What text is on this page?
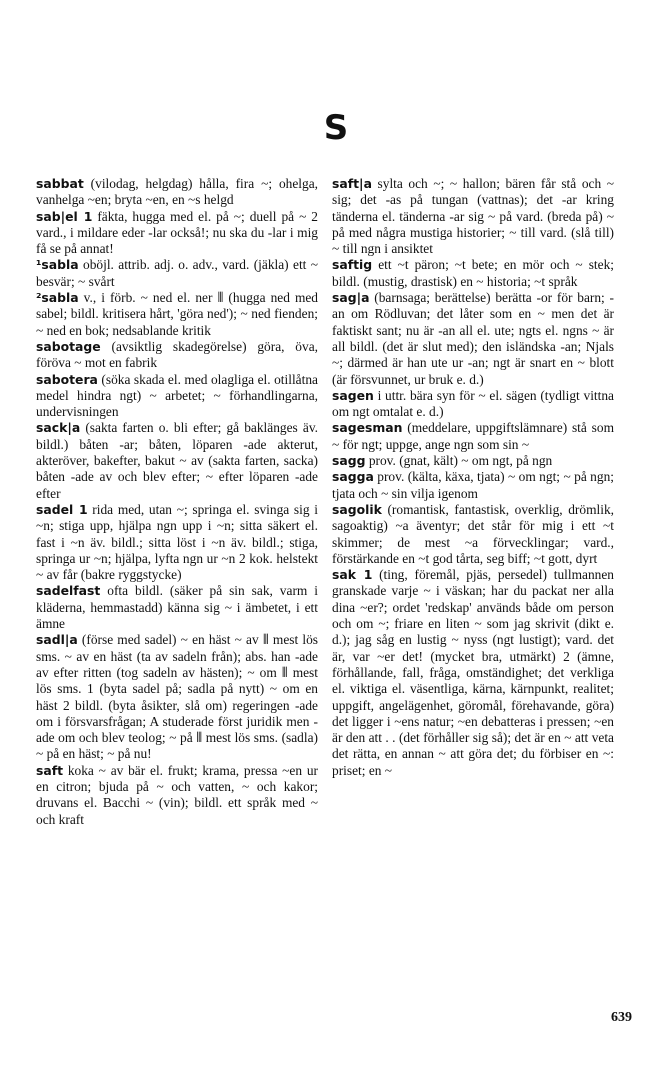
S

sabbat (vilodag, helgdag) hålla, fira ~; ohelga, vanhelga ~en; bryta ~en, en ~s helgd

sab|el 1 fäkta, hugga med el. på ~; duell på ~ 2 vard., i mildare eder -lar också!; nu ska du -lar i mig få se på annat!

¹sabla oböjl. attrib. adj. o. adv., vard. (jäkla) ett ~ besvär; ~ svårt

²sabla v., i förb. ~ ned el. ner ⦀ (hugga ned med sabel; bildl. kritisera hårt, 'göra ned'); ~ ned fienden; ~ ned en bok; nedsablande kritik

sabotage (avsiktlig skadegörelse) göra, öva, föröva ~ mot en fabrik

sabotera (söka skada el. med olagliga el. otillåtna medel hindra ngt) ~ arbetet; ~ förhandlingarna, undervisningen

sack|a (sakta farten o. bli efter; gå baklänges äv. bildl.) båten -ar; båten, löparen -ade akterut, akteröver, bakefter, bakut ~ av (sakta farten, sacka) båten -ade av och blev efter; ~ efter löparen -ade efter

sadel 1 rida med, utan ~; springa el. svinga sig i ~n; stiga upp, hjälpa ngn upp i ~n; sitta säkert el. fast i ~n äv. bildl.; sitta löst i ~n äv. bildl.; stiga, springa ur ~n; hjälpa, lyfta ngn ur ~n 2 kok. helstekt ~ av får (bakre ryggstycke)

sadelfast ofta bildl. (säker på sin sak, varm i kläderna, hemmastadd) känna sig ~ i ämbetet, i ett ämne

sadl|a (förse med sadel) ~ en häst ~ av ⦀ mest lös sms. ~ av en häst (ta av sadeln från); abs. han -ade av efter ritten (tog sadeln av hästen); ~ om ⦀ mest lös sms. 1 (byta sadel på; sadla på nytt) ~ om en häst 2 bildl. (byta åsikter, slå om) regeringen -ade om i försvarsfrågan; A studerade först juridik men -ade om och blev teolog; ~ på ⦀ mest lös sms. (sadla) ~ på en häst; ~ på nu!

saft koka ~ av bär el. frukt; krama, pressa ~en ur en citron; bjuda på ~ och vatten, ~ och kakor; druvans el. Bacchi ~ (vin); bildl. ett språk med ~ och kraft

saft|a sylta och ~; ~ hallon; bären får stå och ~ sig; det -as på tungan (vattnas); det -ar kring tänderna el. tänderna -ar sig ~ på vard. (breda på) ~ på med några mustiga historier; ~ till vard. (slå till) ~ till ngn i ansiktet

saftig ett ~t päron; ~t bete; en mör och ~ stek; bildl. (mustig, drastisk) en ~ historia; ~t språk

sag|a (barnsaga; berättelse) berätta -or för barn; -an om Rödluvan; det låter som en ~ men det är faktiskt sant; nu är -an all el. ute; ngts el. ngns ~ är all bildl. (det är slut med); den isländska -an; Njals ~; därmed är han ute ur -an; ngt är snart en ~ blott (är försvunnet, ur bruk e. d.)

sagen i uttr. bära syn för ~ el. sägen (tydligt vittna om ngt omtalat e. d.)

sagesman (meddelare, uppgiftslämnare) stå som ~ för ngt; uppge, ange ngn som sin ~

sagg prov. (gnat, kält) ~ om ngt, på ngn

sagga prov. (kälta, käxa, tjata) ~ om ngt; ~ på ngn; tjata och ~ sin vilja igenom

sagolik (romantisk, fantastisk, overklig, drömlik, sagoaktig) ~a äventyr; det står för mig i ett ~t skimmer; de mest ~a förvecklingar; vard., förstärkande en ~t god tårta, seg biff; ~t gott, dyrt

sak 1 (ting, föremål, pjäs, persedel) tullmannen granskade varje ~ i väskan; har du packat ner alla dina ~er?; ordet 'redskap' används både om person och om ~; friare en liten ~ som jag skrivit (dikt e. d.); jag såg en lustig ~ nyss (ngt lustigt); vard. det är, var ~er det! (mycket bra, utmärkt) 2 (ämne, förhållande, fall, fråga, omständighet; det verkliga el. viktiga el. väsentliga, kärna, kärnpunkt, realitet; uppgift, angelägenhet, göromål, förehavande, göra) det ligger i ~ens natur; ~en debatteras i pressen; ~en är den att . . (det förhåller sig så); det är en ~ att veta det rätta, en annan ~ att göra det; du förbiser en ~: priset; en ~

639
